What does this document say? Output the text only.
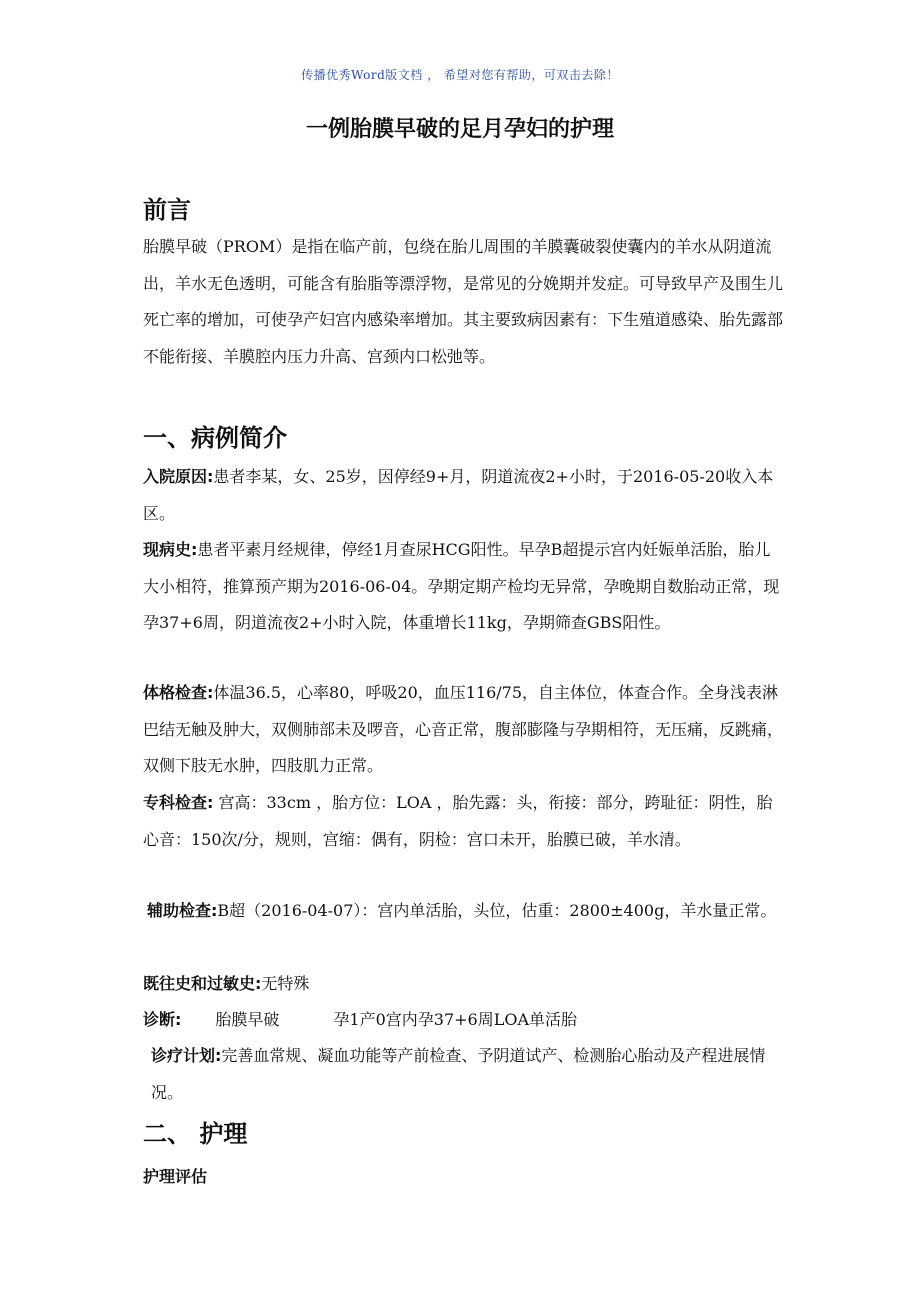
传播优秀Word版文档 ， 希望对您有帮助，可双击去除！
一例胎膜早破的足月孕妇的护理
前言
胎膜早破（PROM）是指在临产前，包绕在胎儿周围的羊膜囊破裂使囊内的羊水从阴道流出，羊水无色透明，可能含有胎脂等漂浮物，是常见的分娩期并发症。可导致早产及围生儿死亡率的增加，可使孕产妇宫内感染率增加。其主要致病因素有：下生殖道感染、胎先露部不能衔接、羊膜腔内压力升高、宫颈内口松弛等。
一、病例简介
入院原因:患者李某，女、25岁，因停经9+月，阴道流夜2+小时，于2016-05-20收入本区。
现病史:患者平素月经规律，停经1月查尿HCG阳性。早孕B超提示宫内妊娠单活胎，胎儿大小相符，推算预产期为2016-06-04。孕期定期产检均无异常，孕晚期自数胎动正常，现孕37+6周，阴道流夜2+小时入院，体重增长11kg，孕期筛查GBS阳性。
体格检查:体温36.5，心率80，呼吸20，血压116/75，自主体位，体查合作。全身浅表淋巴结无触及肿大，双侧肺部未及啰音，心音正常，腹部膨隆与孕期相符，无压痛，反跳痛，双侧下肢无水肿，四肢肌力正常。
专科检查: 宫高：33cm ，胎方位：LOA ，胎先露：头，衔接：部分，跨耻征：阴性，胎心音：150次/分，规则，宫缩：偶有，阴检：宫口未开，胎膜已破，羊水清。
辅助检查:B超（2016-04-07）：宫内单活胎，头位，估重：2800±400g，羊水量正常。
既往史和过敏史:无特殊
诊断: 胎膜早破	孕1产0宫内孕37+6周LOA单活胎
诊疗计划:完善血常规、凝血功能等产前检查、予阴道试产、检测胎心胎动及产程进展情况。
二、 护理
护理评估
